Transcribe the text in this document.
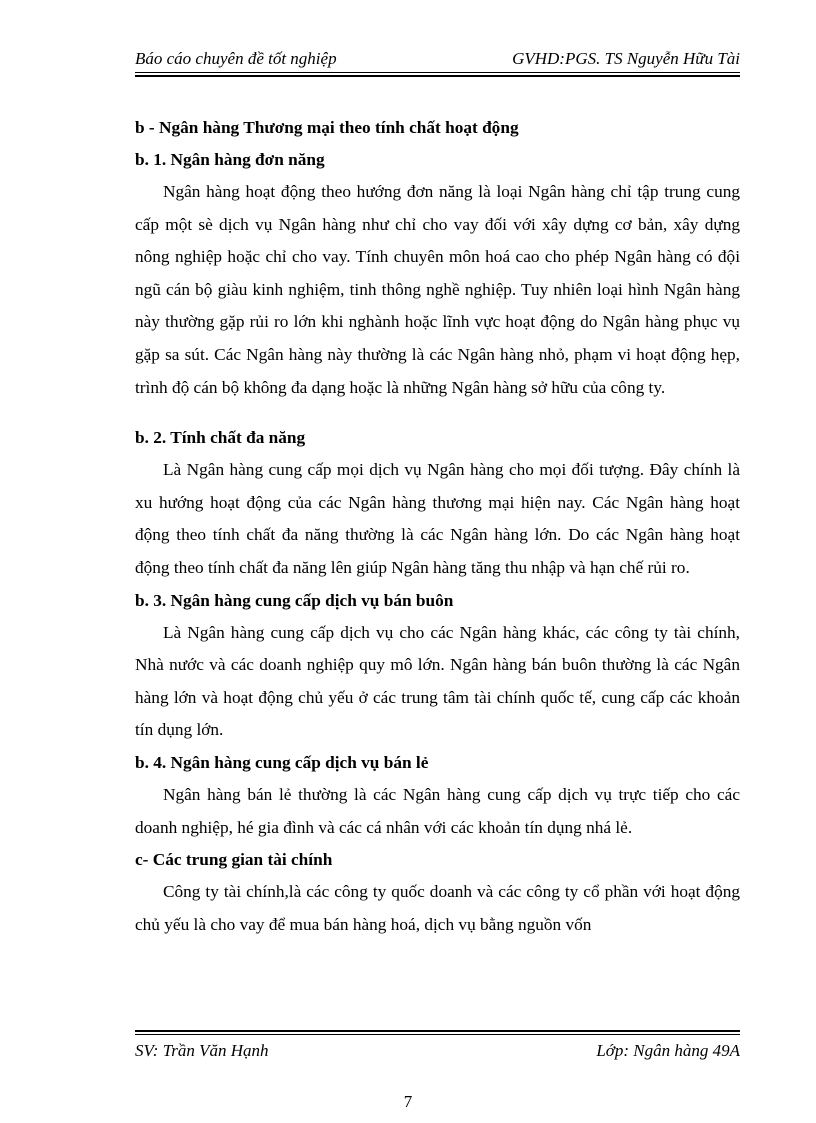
Báo cáo chuyên đề tốt nghiệp	GVHD:PGS. TS Nguyễn Hữu Tài

b - Ngân hàng Thương mại theo tính chất hoạt động

b. 1. Ngân hàng đơn năng

Ngân hàng hoạt động theo hướng đơn năng là loại Ngân hàng chỉ tập trung cung cấp một sè dịch vụ Ngân hàng như chỉ cho vay đối với xây dựng cơ bản, xây dựng nông nghiệp hoặc chỉ cho vay. Tính chuyên môn hoá cao cho phép Ngân hàng có đội ngũ cán bộ giàu kinh nghiệm, tinh thông nghề nghiệp. Tuy nhiên loại hình Ngân hàng này thường gặp rủi ro lớn khi nghành hoặc lĩnh vực hoạt động do Ngân hàng phục vụ gặp sa sút. Các Ngân hàng này thường là các Ngân hàng nhỏ, phạm vi hoạt động hẹp, trình độ cán bộ không đa dạng hoặc là những Ngân hàng sở hữu của công ty.

b. 2. Tính chất đa năng

Là Ngân hàng cung cấp mọi dịch vụ Ngân hàng cho mọi đối tượng. Đây chính là xu hướng hoạt động của các Ngân hàng thương mại hiện nay. Các Ngân hàng hoạt động theo tính chất đa năng thường là các Ngân hàng lớn. Do các Ngân hàng hoạt động theo tính chất đa năng lên giúp Ngân hàng tăng thu nhập và hạn chế rủi ro.

b. 3. Ngân hàng cung cấp dịch vụ bán buôn

Là Ngân hàng cung cấp dịch vụ cho các Ngân hàng khác, các công ty tài chính, Nhà nước và các doanh nghiệp quy mô lớn. Ngân hàng bán buôn thường là các Ngân hàng lớn và hoạt động chủ yếu ở các trung tâm tài chính quốc tế, cung cấp các khoản tín dụng lớn.

b. 4. Ngân hàng cung cấp dịch vụ bán lẻ

Ngân hàng bán lẻ thường là các Ngân hàng cung cấp dịch vụ trực tiếp cho các doanh nghiệp, hé gia đình và các cá nhân với các khoản tín dụng nhá lẻ.

c- Các trung gian tài chính

Công ty tài chính,là các công ty quốc doanh và các công ty cổ phần với hoạt động chủ yếu là cho vay để mua bán hàng hoá, dịch vụ bằng nguồn vốn

SV: Trần Văn Hạnh	Lớp: Ngân hàng 49A
7
